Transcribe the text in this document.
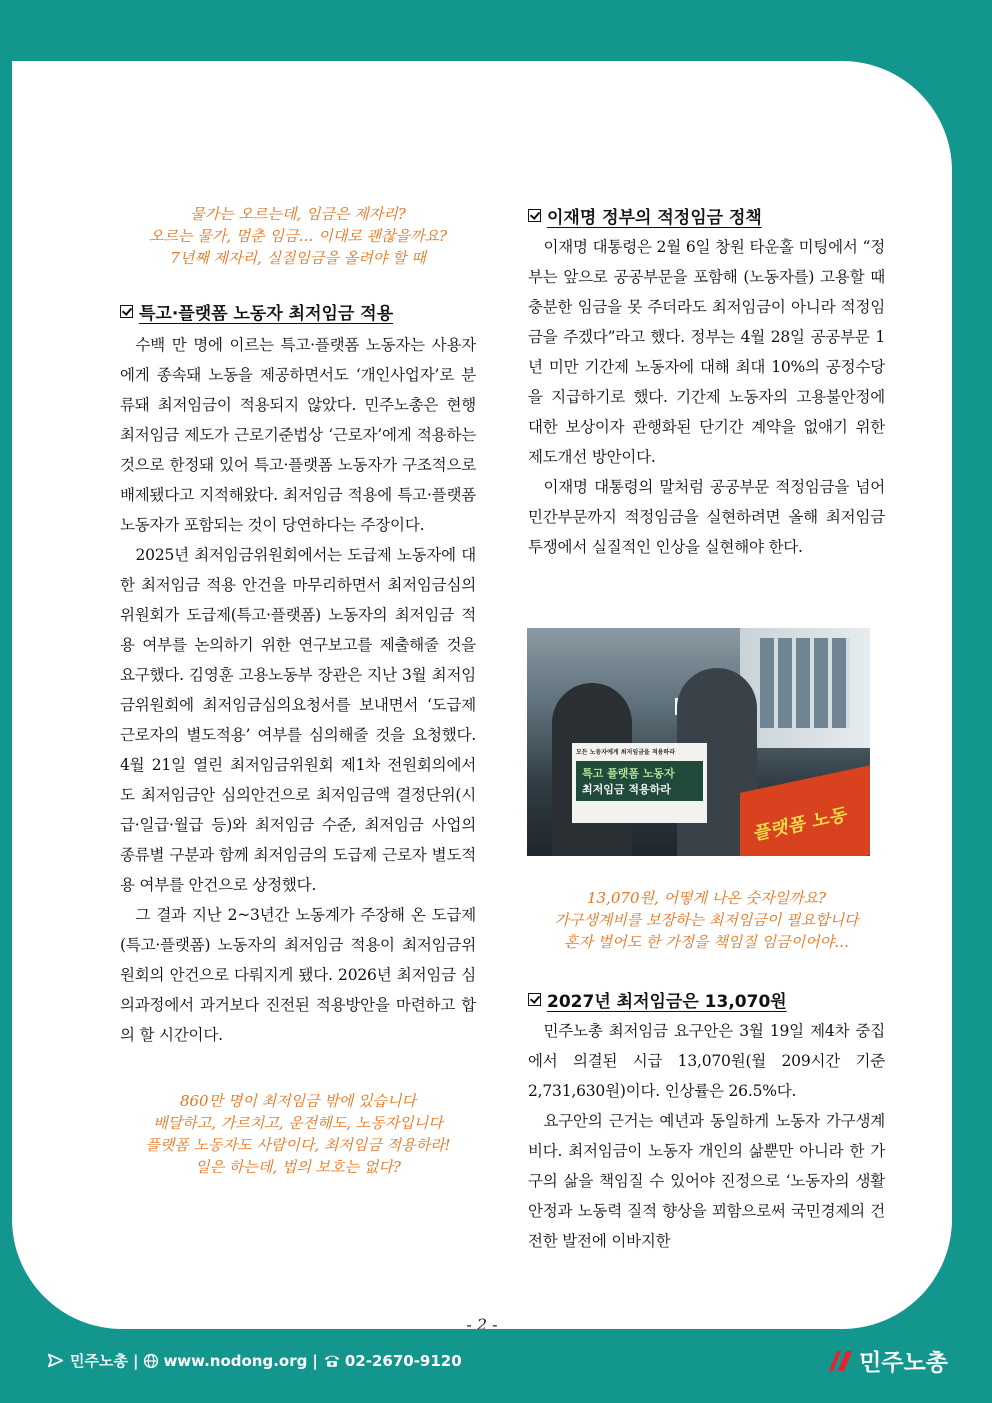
물가는 오르는데, 임금은 제자리?
오르는 물가, 멈춘 임금… 이대로 괜찮을까요?
7년째 제자리, 실질임금을 올려야 할 때
특고·플랫폼 노동자 최저임금 적용

수백 만 명에 이르는 특고·플랫폼 노동자는 사용자에게 종속돼 노동을 제공하면서도 ‘개인사업자’로 분류돼 최저임금이 적용되지 않았다. 민주노총은 현행 최저임금 제도가 근로기준법상 ‘근로자’에게 적용하는 것으로 한정돼 있어 특고·플랫폼 노동자가 구조적으로 배제됐다고 지적해왔다. 최저임금 적용에 특고·플랫폼 노동자가 포함되는 것이 당연하다는 주장이다.

2025년 최저임금위원회에서는 도급제 노동자에 대한 최저임금 적용 안건을 마무리하면서 최저임금심의위원회가 도급제(특고·플랫폼) 노동자의 최저임금 적용 여부를 논의하기 위한 연구보고를 제출해줄 것을 요구했다. 김영훈 고용노동부 장관은 지난 3월 최저임금위원회에 최저임금심의요청서를 보내면서 ‘도급제 근로자의 별도적용’ 여부를 심의해줄 것을 요청했다. 4월 21일 열린 최저임금위원회 제1차 전원회의에서도 최저임금안 심의안건으로 최저임금액 결정단위(시급·일급·월급 등)와 최저임금 수준, 최저임금 사업의 종류별 구분과 함께 최저임금의 도급제 근로자 별도적용 여부를 안건으로 상정했다.

그 결과 지난 2~3년간 노동계가 주장해 온 도급제(특고·플랫폼) 노동자의 최저임금 적용이 최저임금위원회의 안건으로 다뤄지게 됐다. 2026년 최저임금 심의과정에서 과거보다 진전된 적용방안을 마련하고 합의 할 시간이다.

860만 명이 최저임금 밖에 있습니다
배달하고, 가르치고, 운전해도, 노동자입니다
플랫폼 노동자도 사람이다, 최저임금 적용하라!
일은 하는데, 법의 보호는 없다?
이재명 정부의 적정임금 정책

이재명 대통령은 2월 6일 창원 타운홀 미팅에서 “정부는 앞으로 공공부문을 포함해 (노동자를) 고용할 때 충분한 임금을 못 주더라도 최저임금이 아니라 적정임금을 주겠다”라고 했다. 정부는 4월 28일 공공부문 1년 미만 기간제 노동자에 대해 최대 10%의 공정수당을 지급하기로 했다. 기간제 노동자의 고용불안정에 대한 보상이자 관행화된 단기간 계약을 없애기 위한 제도개선 방안이다.

이재명 대통령의 말처럼 공공부문 적정임금을 넘어 민간부문까지 적정임금을 실현하려면 올해 최저임금 투쟁에서 실질적인 인상을 실현해야 한다.

모든 노동자에게 최저임금을 적용하라
특고 플랫폼 노동자
최저임금 적용하라
플랫폼 노동
13,070원, 어떻게 나온 숫자일까요?
가구생계비를 보장하는 최저임금이 필요합니다
혼자 벌어도 한 가정을 책임질 임금이어야…
2027년 최저임금은 13,070원

민주노총 최저임금 요구안은 3월 19일 제4차 중집에서 의결된 시급 13,070원(월 209시간 기준 2,731,630원)이다. 인상률은 26.5%다.

요구안의 근거는 예년과 동일하게 노동자 가구생계비다. 최저임금이 노동자 개인의 삶뿐만 아니라 한 가구의 삶을 책임질 수 있어야 진정으로 ‘노동자의 생활안정과 노동력 질적 향상을 꾀함으로써 국민경제의 건전한 발전에 이바지한

- 2 -
민주노총 | www.nodong.org | 02-2670-9120	민주노총
